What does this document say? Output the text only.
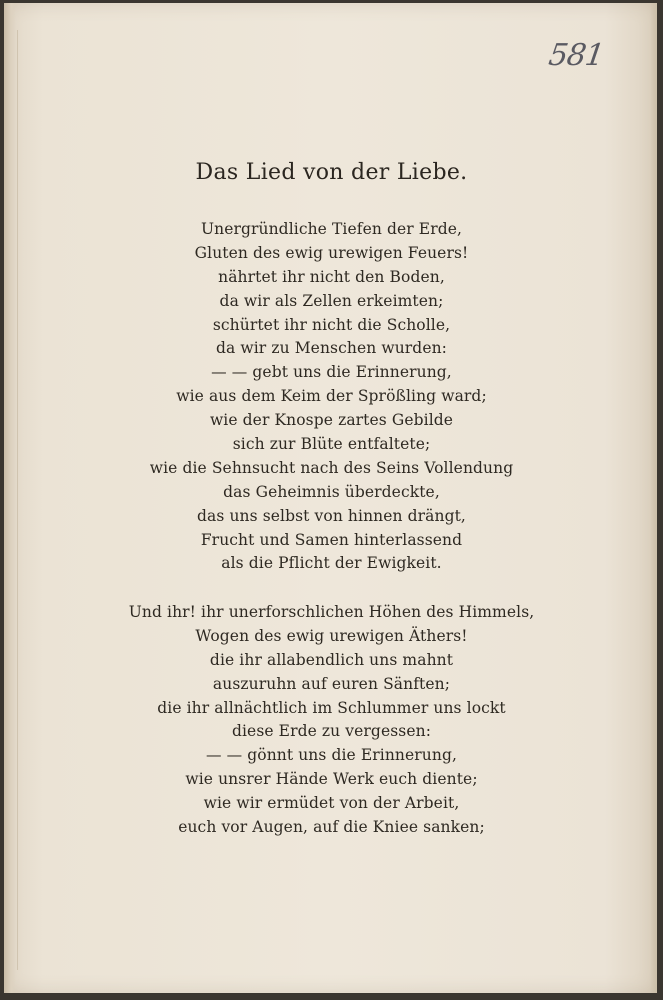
581
Das Lied von der Liebe.
Unergründliche Tiefen der Erde,
Gluten des ewig urewigen Feuers!
nährtet ihr nicht den Boden,
da wir als Zellen erkeimten;
schürtet ihr nicht die Scholle,
da wir zu Menschen wurden:
— — gebt uns die Erinnerung,
wie aus dem Keim der Sprößling ward;
wie der Knospe zartes Gebilde
sich zur Blüte entfaltete;
wie die Sehnsucht nach des Seins Vollendung
das Geheimnis überdeckte,
das uns selbst von hinnen drängt,
Frucht und Samen hinterlassend
als die Pflicht der Ewigkeit.
Und ihr! ihr unerforschlichen Höhen des Himmels,
Wogen des ewig urewigen Äthers!
die ihr allabendlich uns mahnt
auszuruhn auf euren Sänften;
die ihr allnächtlich im Schlummer uns lockt
diese Erde zu vergessen:
— — gönnt uns die Erinnerung,
wie unsrer Hände Werk euch diente;
wie wir ermüdet von der Arbeit,
euch vor Augen, auf die Kniee sanken;
